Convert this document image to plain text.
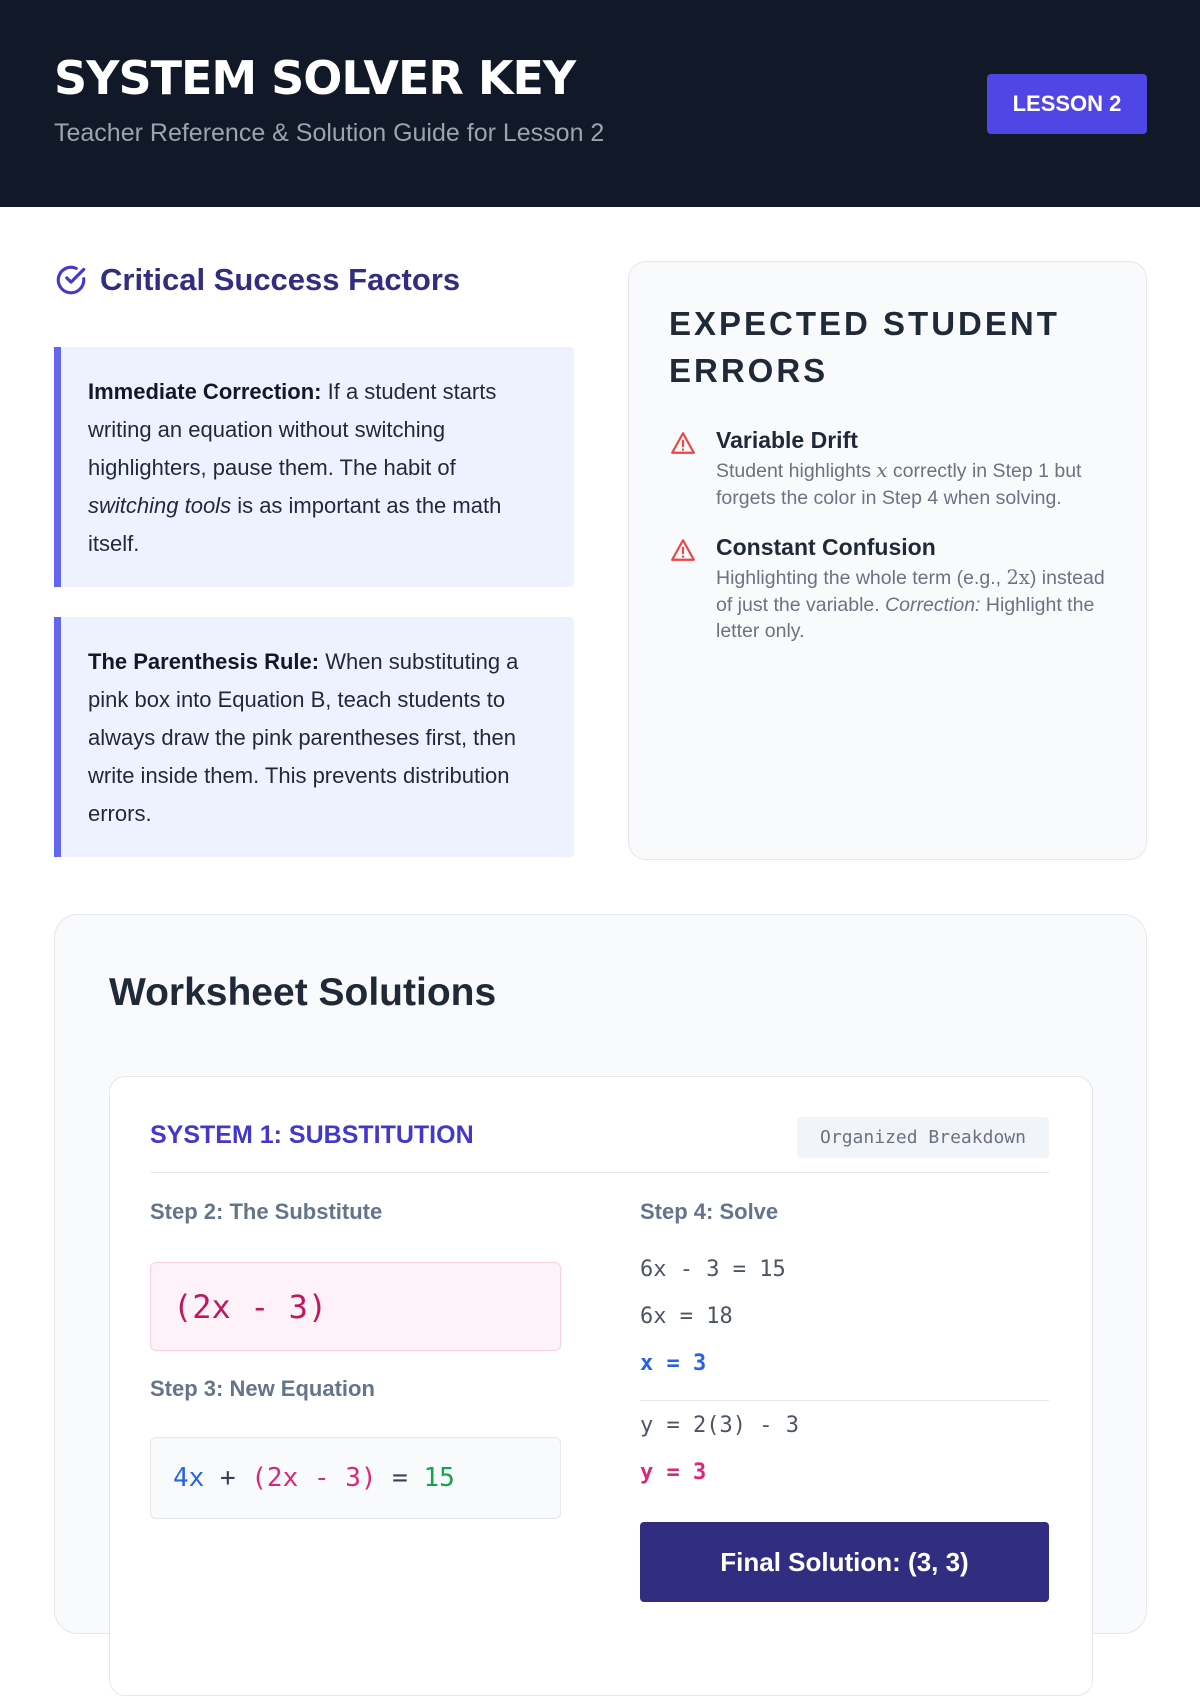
SYSTEM SOLVER KEY
Teacher Reference & Solution Guide for Lesson 2
LESSON 2
Critical Success Factors
Immediate Correction: If a student starts writing an equation without switching highlighters, pause them. The habit of switching tools is as important as the math itself.
The Parenthesis Rule: When substituting a pink box into Equation B, teach students to always draw the pink parentheses first, then write inside them. This prevents distribution errors.
EXPECTED STUDENT ERRORS
Variable Drift
Student highlights x correctly in Step 1 but forgets the color in Step 4 when solving.
Constant Confusion
Highlighting the whole term (e.g., 2x) instead of just the variable. Correction: Highlight the letter only.
Worksheet Solutions
SYSTEM 1: SUBSTITUTION	Organized Breakdown
Step 2: The Substitute
(2x - 3)
Step 3: New Equation
4x + (2x - 3) = 15
Step 4: Solve
6x - 3 = 15
6x = 18
x = 3
y = 2(3) - 3
y = 3
Final Solution: (3, 3)
